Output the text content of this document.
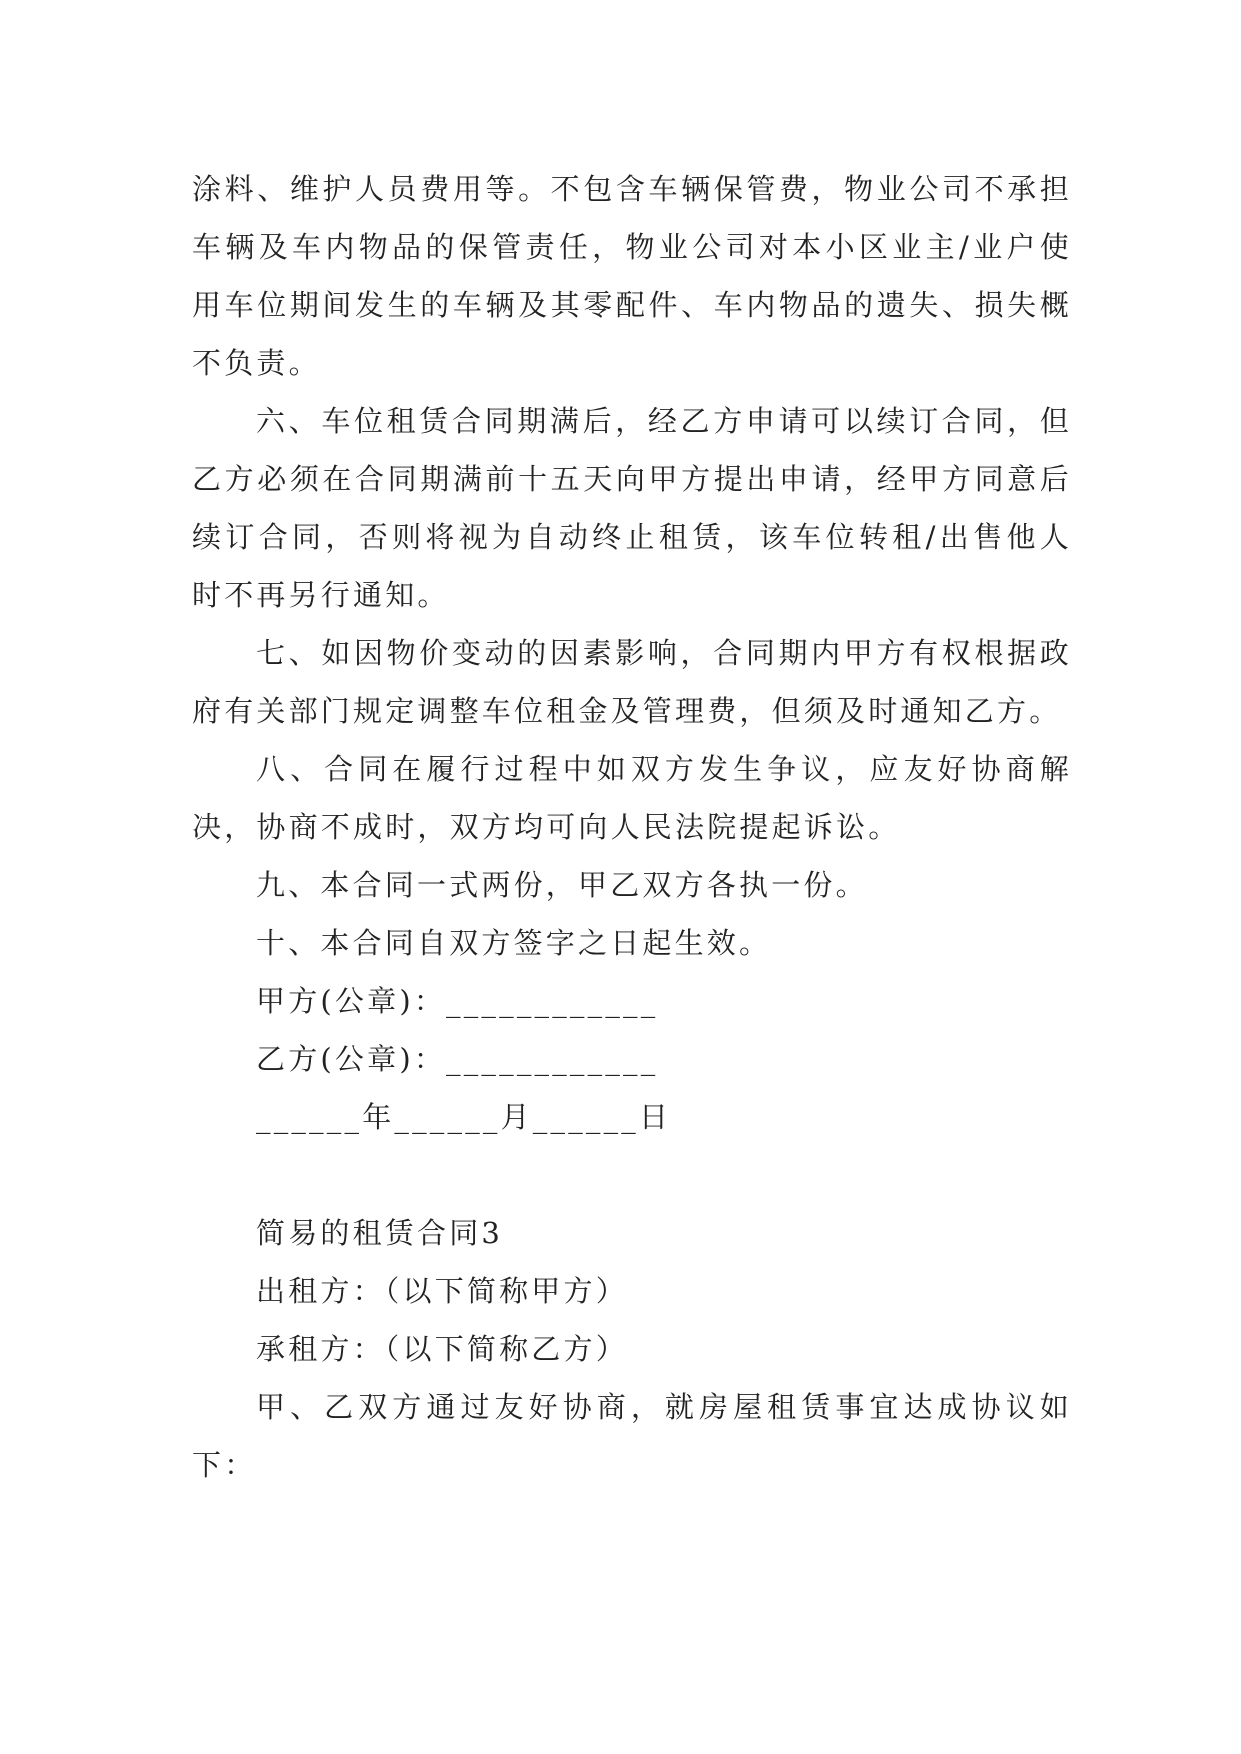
涂料、维护人员费用等。不包含车辆保管费，物业公司不承担车辆及车内物品的保管责任，物业公司对本小区业主/业户使用车位期间发生的车辆及其零配件、车内物品的遗失、损失概不负责。

六、车位租赁合同期满后，经乙方申请可以续订合同，但乙方必须在合同期满前十五天向甲方提出申请，经甲方同意后续订合同，否则将视为自动终止租赁，该车位转租/出售他人时不再另行通知。

七、如因物价变动的因素影响，合同期内甲方有权根据政府有关部门规定调整车位租金及管理费，但须及时通知乙方。

八、合同在履行过程中如双方发生争议，应友好协商解决，协商不成时，双方均可向人民法院提起诉讼。

九、本合同一式两份，甲乙双方各执一份。

十、本合同自双方签字之日起生效。

甲方(公章)：____________

乙方(公章)：____________

______年______月______日

简易的租赁合同3

出租方：（以下简称甲方）

承租方：（以下简称乙方）

甲、乙双方通过友好协商，就房屋租赁事宜达成协议如下：
